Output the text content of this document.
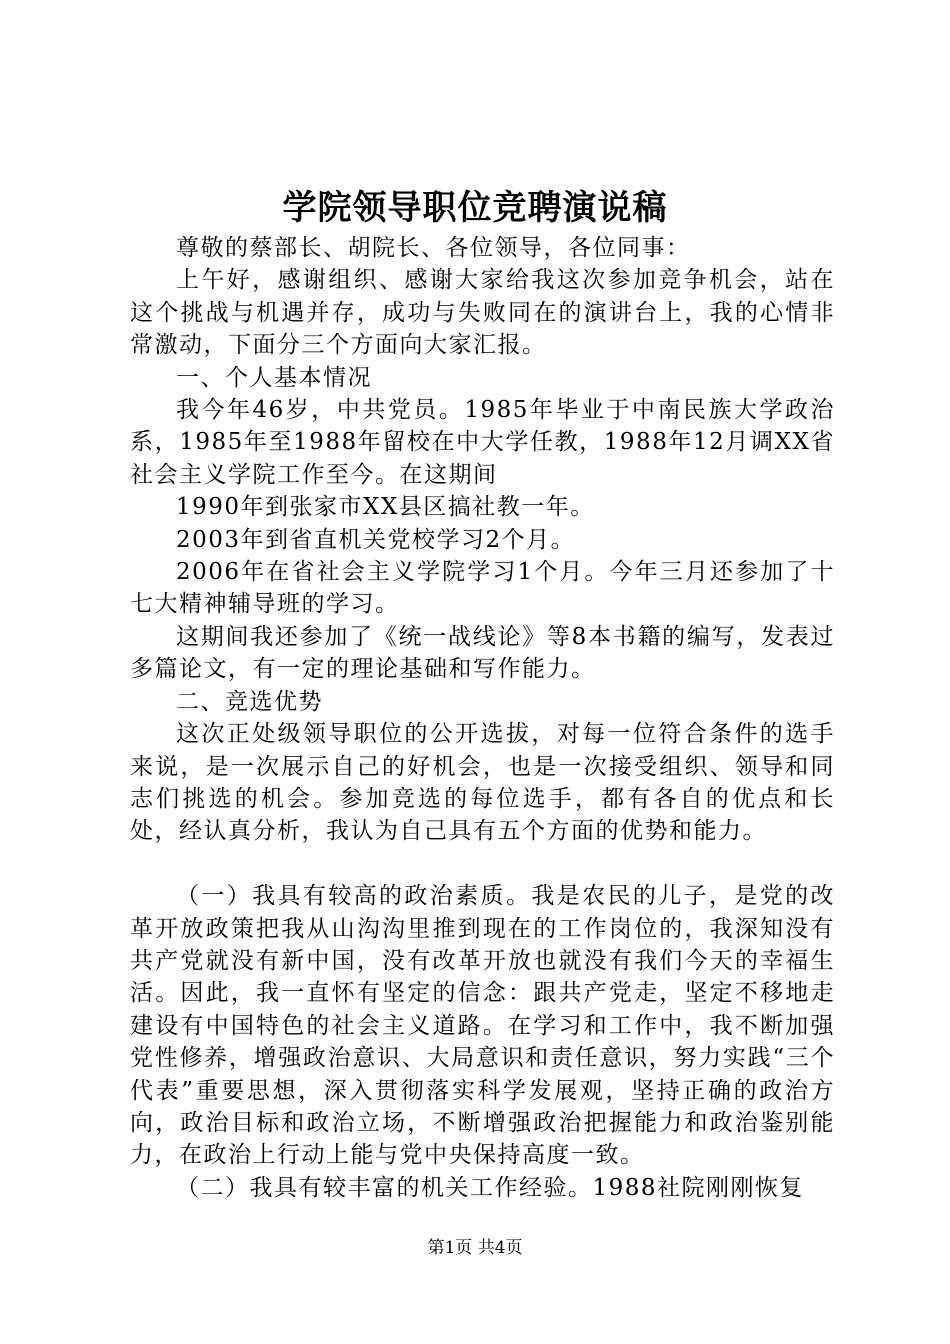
学院领导职位竞聘演说稿

尊敬的蔡部长、胡院长、各位领导，各位同事：

上午好，感谢组织、感谢大家给我这次参加竞争机会，站在这个挑战与机遇并存，成功与失败同在的演讲台上，我的心情非常激动，下面分三个方面向大家汇报。

一、个人基本情况

我今年46岁，中共党员。1985年毕业于中南民族大学政治系，1985年至1988年留校在中大学任教，1988年12月调XX省社会主义学院工作至今。在这期间

1990年到张家市XX县区搞社教一年。

2003年到省直机关党校学习2个月。

2006年在省社会主义学院学习1个月。今年三月还参加了十七大精神辅导班的学习。

这期间我还参加了《统一战线论》等8本书籍的编写，发表过多篇论文，有一定的理论基础和写作能力。

二、竞选优势

这次正处级领导职位的公开选拔，对每一位符合条件的选手来说，是一次展示自己的好机会，也是一次接受组织、领导和同志们挑选的机会。参加竞选的每位选手，都有各自的优点和长处，经认真分析，我认为自己具有五个方面的优势和能力。

（一）我具有较高的政治素质。我是农民的儿子，是党的改革开放政策把我从山沟沟里推到现在的工作岗位的，我深知没有共产党就没有新中国，没有改革开放也就没有我们今天的幸福生活。因此，我一直怀有坚定的信念：跟共产党走，坚定不移地走建设有中国特色的社会主义道路。在学习和工作中，我不断加强党性修养，增强政治意识、大局意识和责任意识，努力实践“三个代表”重要思想，深入贯彻落实科学发展观，坚持正确的政治方向，政治目标和政治立场，不断增强政治把握能力和政治鉴别能力，在政治上行动上能与党中央保持高度一致。

（二）我具有较丰富的机关工作经验。1988社院刚刚恢复

第1页 共4页
